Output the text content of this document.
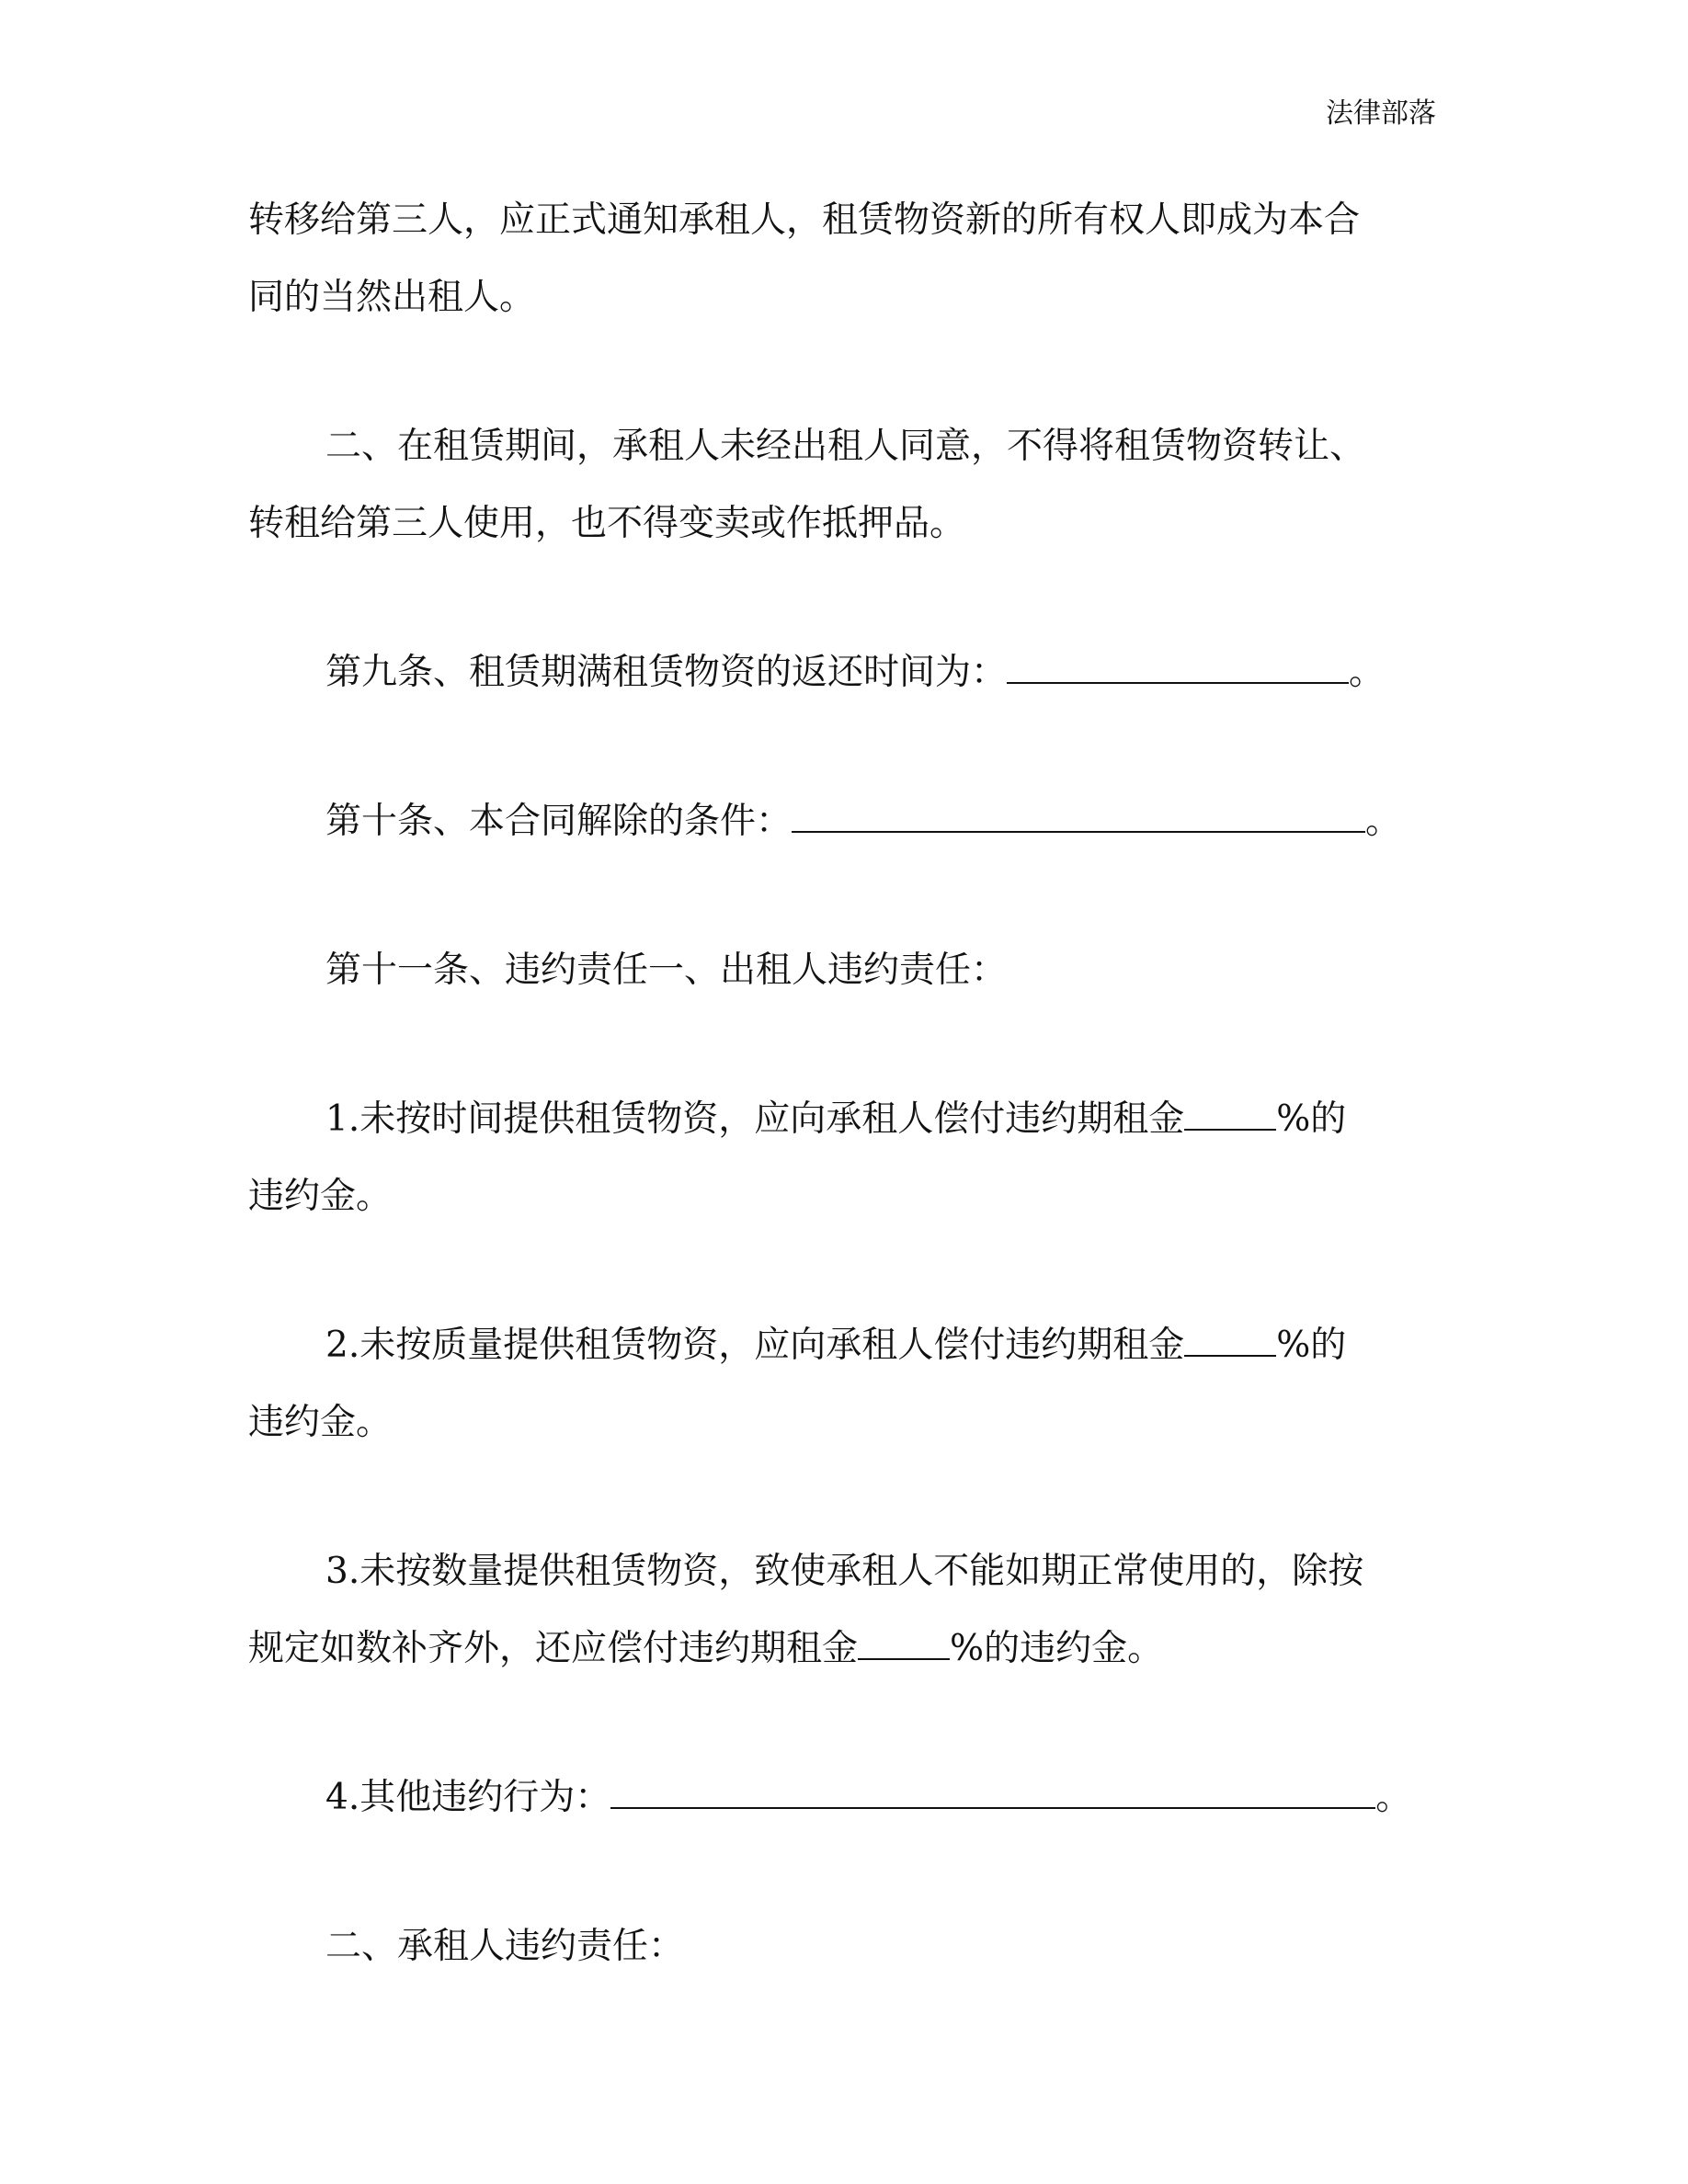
法律部落
转移给第三人，应正式通知承租人，租赁物资新的所有权人即成为本合
同的当然出租人。
二、在租赁期间，承租人未经出租人同意，不得将租赁物资转让、
转租给第三人使用，也不得变卖或作抵押品。
第九条、租赁期满租赁物资的返还时间为：	。
第十条、本合同解除的条件：	。
第十一条、违约责任一、出租人违约责任：
1.未按时间提供租赁物资，应向承租人偿付违约期租金	%的
违约金。
2.未按质量提供租赁物资，应向承租人偿付违约期租金	%的
违约金。
3.未按数量提供租赁物资，致使承租人不能如期正常使用的，除按
规定如数补齐外，还应偿付违约期租金	%的违约金。
4.其他违约行为：	。
二、承租人违约责任：
